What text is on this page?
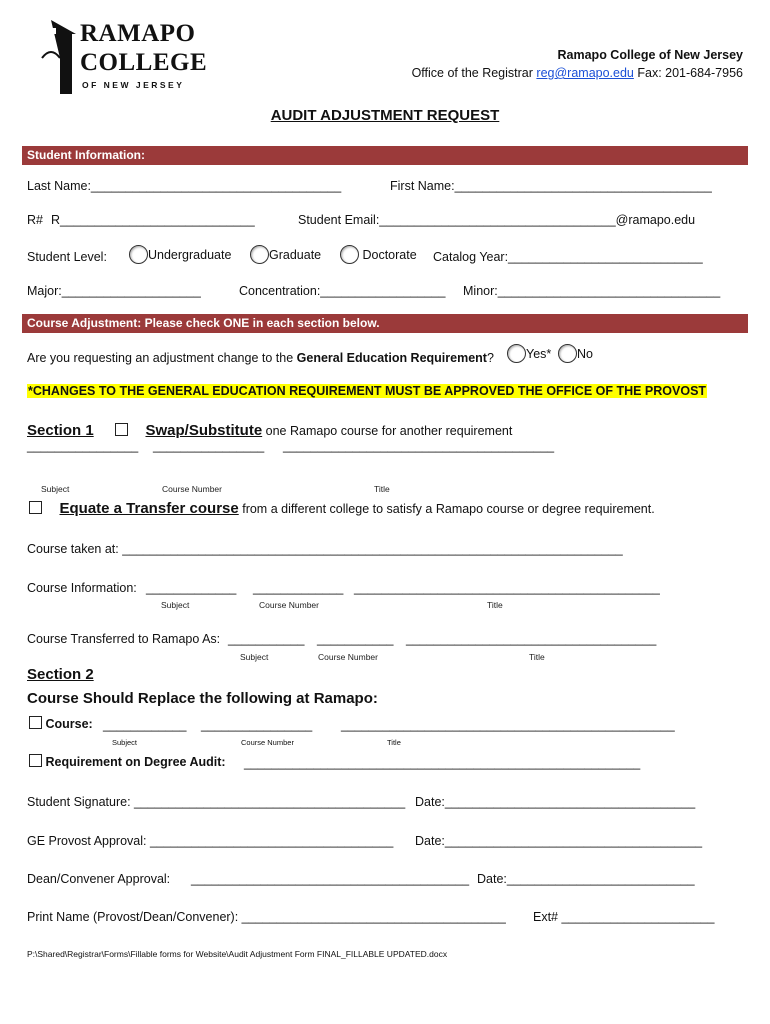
RAMAPO
COLLEGE
OF NEW JERSEY
Ramapo College of New Jersey
Office of the Registrar reg@ramapo.edu Fax: 201-684-7956
AUDIT ADJUSTMENT REQUEST
Student Information:
Last Name:____________________________________	First Name:_____________________________________
R# R____________________________	Student Email:__________________________________@ramapo.edu
Student Level:	Undergraduate	Graduate	Doctorate Catalog Year:____________________________
Major:____________________	Concentration:__________________ Minor:________________________________
Course Adjustment: Please check ONE in each section below.
Are you requesting an adjustment change to the General Education Requirement?	Yes*	No
*CHANGES TO THE GENERAL EDUCATION REQUIREMENT MUST BE APPROVED THE OFFICE OF THE PROVOST
Section 1	Swap/Substitute one Ramapo course for another requirement
________________ ________________ _______________________________________
Subject	Course Number	Title
Equate a Transfer course from a different college to satisfy a Ramapo course or degree requirement.
Course taken at: ________________________________________________________________________
Course Information: _____________ _____________ ____________________________________________
Subject	Course Number	Title
Course Transferred to Ramapo As: ___________ ___________ ____________________________________
Subject	Course Number	Title
Section 2
Course Should Replace the following at Ramapo:
Course: ____________ ________________ ________________________________________________
Subject	Course Number	Title
Requirement on Degree Audit: _________________________________________________________
Student Signature: _______________________________________ Date:____________________________________
GE Provost Approval: ___________________________________ Date:_____________________________________
Dean/Convener Approval: ________________________________________ Date:___________________________
Print Name (Provost/Dean/Convener): ______________________________________ Ext# ______________________
P:\Shared\Registrar\Forms\Fillable forms for Website\Audit Adjustment Form FINAL_FILLABLE UPDATED.docx
